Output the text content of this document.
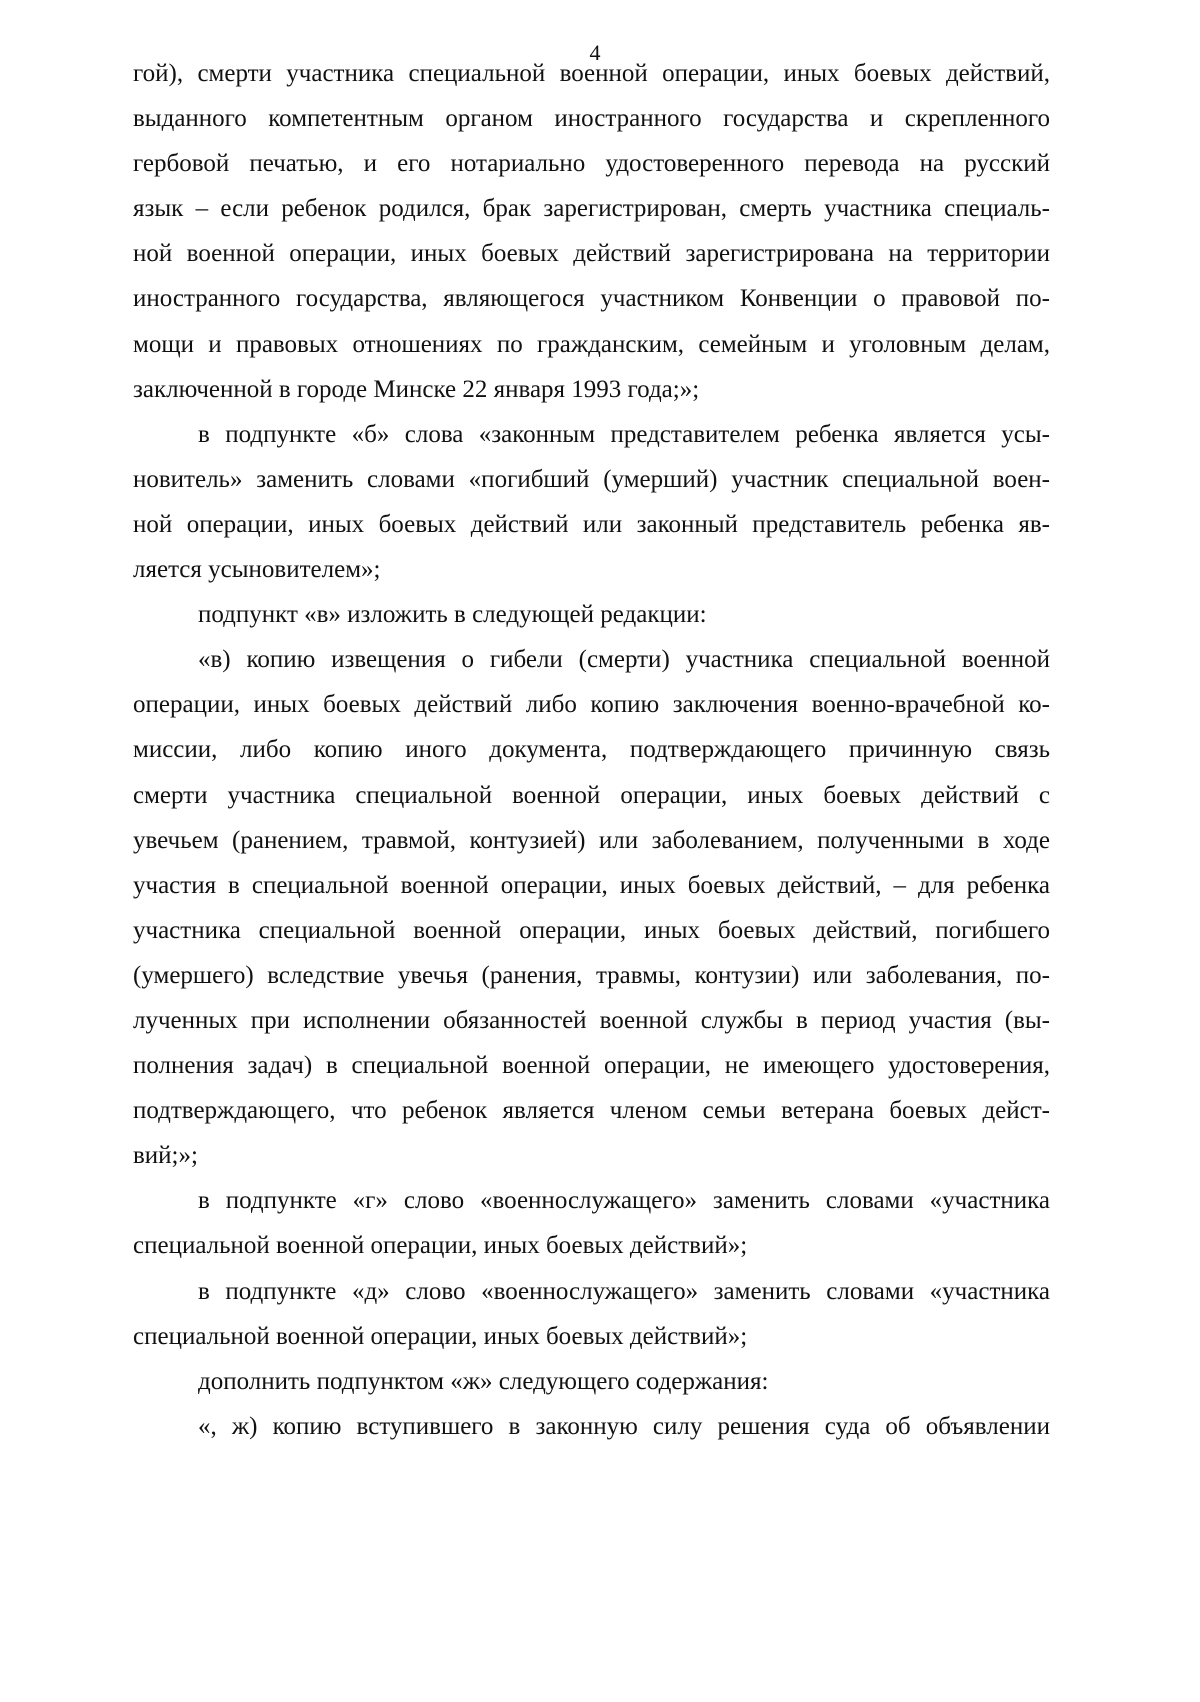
4
гой), смерти участника специальной военной операции, иных боевых действий,
выданного компетентным органом иностранного государства и скрепленного
гербовой печатью, и его нотариально удостоверенного перевода на русский
язык – если ребенок родился, брак зарегистрирован, смерть участника специаль-
ной военной операции, иных боевых действий зарегистрирована на территории
иностранного государства, являющегося участником Конвенции о правовой по-
мощи и правовых отношениях по гражданским, семейным и уголовным делам,
заключенной в городе Минске 22 января 1993 года;»;
в подпункте «б» слова «законным представителем ребенка является усы-
новитель» заменить словами «погибший (умерший) участник специальной воен-
ной операции, иных боевых действий или законный представитель ребенка яв-
ляется усыновителем»;
подпункт «в» изложить в следующей редакции:
«в) копию извещения о гибели (смерти) участника специальной военной
операции, иных боевых действий либо копию заключения военно-врачебной ко-
миссии, либо копию иного документа, подтверждающего причинную связь
смерти участника специальной военной операции, иных боевых действий с
увечьем (ранением, травмой, контузией) или заболеванием, полученными в ходе
участия в специальной военной операции, иных боевых действий, – для ребенка
участника специальной военной операции, иных боевых действий, погибшего
(умершего) вследствие увечья (ранения, травмы, контузии) или заболевания, по-
лученных при исполнении обязанностей военной службы в период участия (вы-
полнения задач) в специальной военной операции, не имеющего удостоверения,
подтверждающего, что ребенок является членом семьи ветерана боевых дейст-
вий;»;
в подпункте «г» слово «военнослужащего» заменить словами «участника
специальной военной операции, иных боевых действий»;
в подпункте «д» слово «военнослужащего» заменить словами «участника
специальной военной операции, иных боевых действий»;
дополнить подпунктом «ж» следующего содержания:
«, ж) копию вступившего в законную силу решения суда об объявлении
